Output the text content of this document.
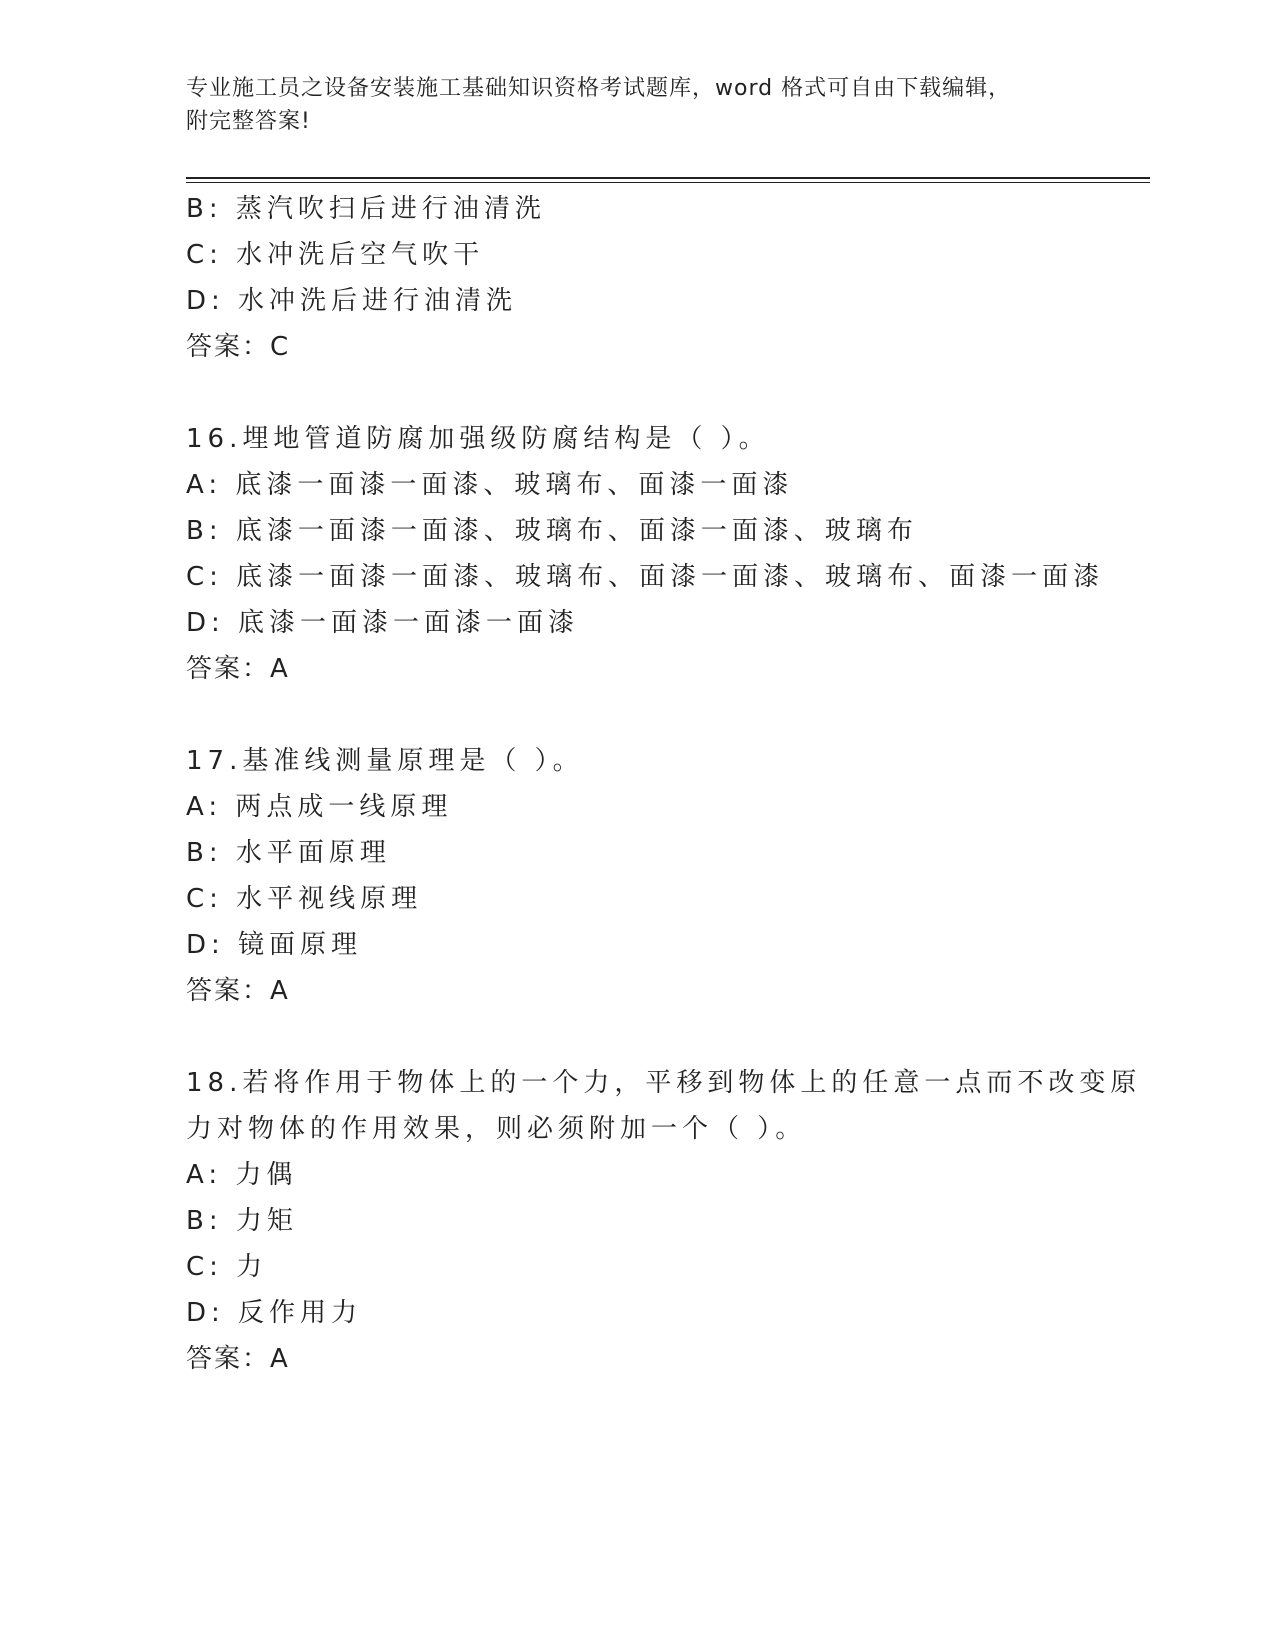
专业施工员之设备安装施工基础知识资格考试题库，word 格式可自由下载编辑，
附完整答案!
B: 蒸汽吹扫后进行油清洗
C: 水冲洗后空气吹干
D: 水冲洗后进行油清洗
答案：C
16.埋地管道防腐加强级防腐结构是（ ）。
A: 底漆一面漆一面漆、玻璃布、面漆一面漆
B: 底漆一面漆一面漆、玻璃布、面漆一面漆、玻璃布
C: 底漆一面漆一面漆、玻璃布、面漆一面漆、玻璃布、面漆一面漆
D: 底漆一面漆一面漆一面漆
答案：A
17.基准线测量原理是（ ）。
A: 两点成一线原理
B: 水平面原理
C: 水平视线原理
D: 镜面原理
答案：A
18.若将作用于物体上的一个力，平移到物体上的任意一点而不改变原
力对物体的作用效果，则必须附加一个（ ）。
A: 力偶
B: 力矩
C: 力
D: 反作用力
答案：A
